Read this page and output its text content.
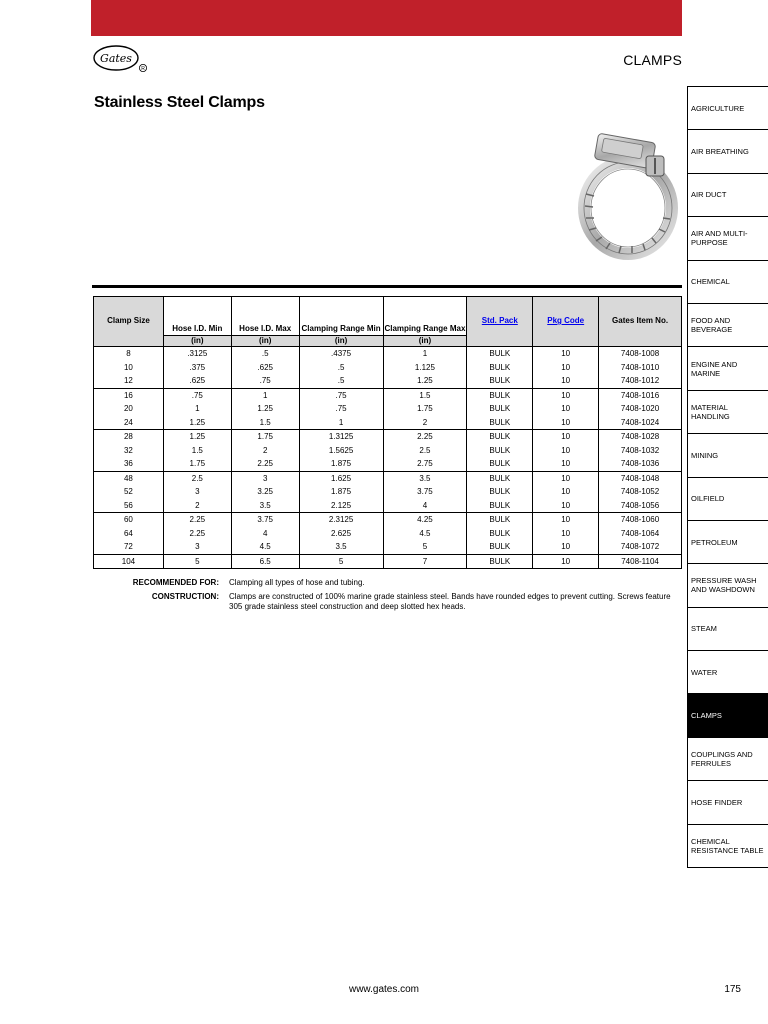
Gates
R
CLAMPS
Stainless Steel Clamps
Clamp Size	Hose I.D. Min	Hose I.D. Max	Clamping Range Min	Clamping Range Max	Std. Pack	Pkg Code	Gates Item No.
	(in)	(in)	(in)	(in)			
8	.3125	.5	.4375	1	BULK	10	7408-1008
10	.375	.625	.5	1.125	BULK	10	7408-1010
12	.625	.75	.5	1.25	BULK	10	7408-1012
16	.75	1	.75	1.5	BULK	10	7408-1016
20	1	1.25	.75	1.75	BULK	10	7408-1020
24	1.25	1.5	1	2	BULK	10	7408-1024
28	1.25	1.75	1.3125	2.25	BULK	10	7408-1028
32	1.5	2	1.5625	2.5	BULK	10	7408-1032
36	1.75	2.25	1.875	2.75	BULK	10	7408-1036
48	2.5	3	1.625	3.5	BULK	10	7408-1048
52	3	3.25	1.875	3.75	BULK	10	7408-1052
56	2	3.5	2.125	4	BULK	10	7408-1056
60	2.25	3.75	2.3125	4.25	BULK	10	7408-1060
64	2.25	4	2.625	4.5	BULK	10	7408-1064
72	3	4.5	3.5	5	BULK	10	7408-1072
104	5	6.5	5	7	BULK	10	7408-1104
RECOMMENDED FOR:	Clamping all types of hose and tubing.
CONSTRUCTION:	Clamps are constructed of 100% marine grade stainless steel. Bands have rounded edges to prevent cutting. Screws feature 305 grade stainless steel construction and deep slotted hex heads.
AGRICULTURE
AIR BREATHING
AIR DUCT
AIR AND MULTI-PURPOSE
CHEMICAL
FOOD AND BEVERAGE
ENGINE AND MARINE
MATERIAL HANDLING
MINING
OILFIELD
PETROLEUM
PRESSURE WASH AND WASHDOWN
STEAM
WATER
CLAMPS
COUPLINGS AND FERRULES
HOSE FINDER
CHEMICAL RESISTANCE TABLE
www.gates.com	175
